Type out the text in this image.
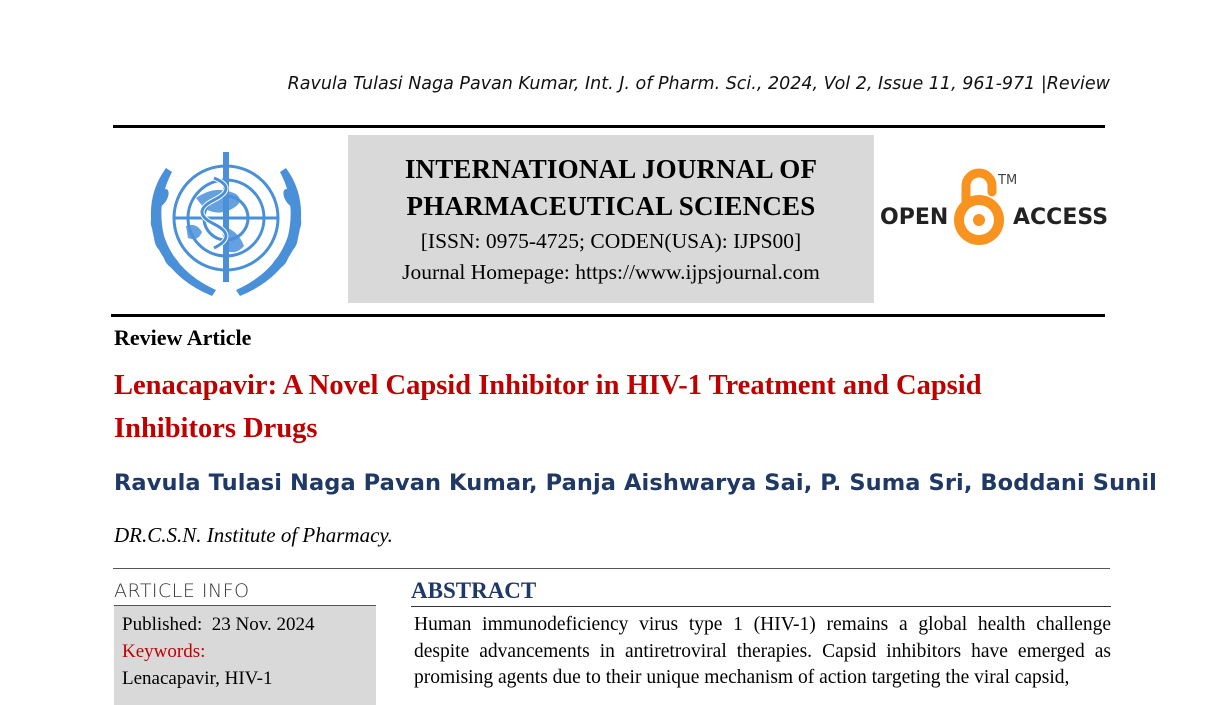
Ravula Tulasi Naga Pavan Kumar, Int. J. of Pharm. Sci., 2024, Vol 2, Issue 11, 961-971 |Review
INTERNATIONAL JOURNAL OF
PHARMACEUTICAL SCIENCES
[ISSN: 0975-4725; CODEN(USA): IJPS00]
Journal Homepage: https://www.ijpsjournal.com
OPEN	ACCESS
TM
Review Article
Lenacapavir: A Novel Capsid Inhibitor in HIV-1 Treatment and Capsid
Inhibitors Drugs
Ravula Tulasi Naga Pavan Kumar, Panja Aishwarya Sai, P. Suma Sri, Boddani Sunil
DR.C.S.N. Institute of Pharmacy.
ARTICLE INFO
Published: 23 Nov. 2024
Keywords:
Lenacapavir, HIV-1
ABSTRACT
Human immunodeficiency virus type 1 (HIV-1) remains a global health challenge despite advancements in antiretroviral therapies. Capsid inhibitors have emerged as promising agents due to their unique mechanism of action targeting the viral capsid,
